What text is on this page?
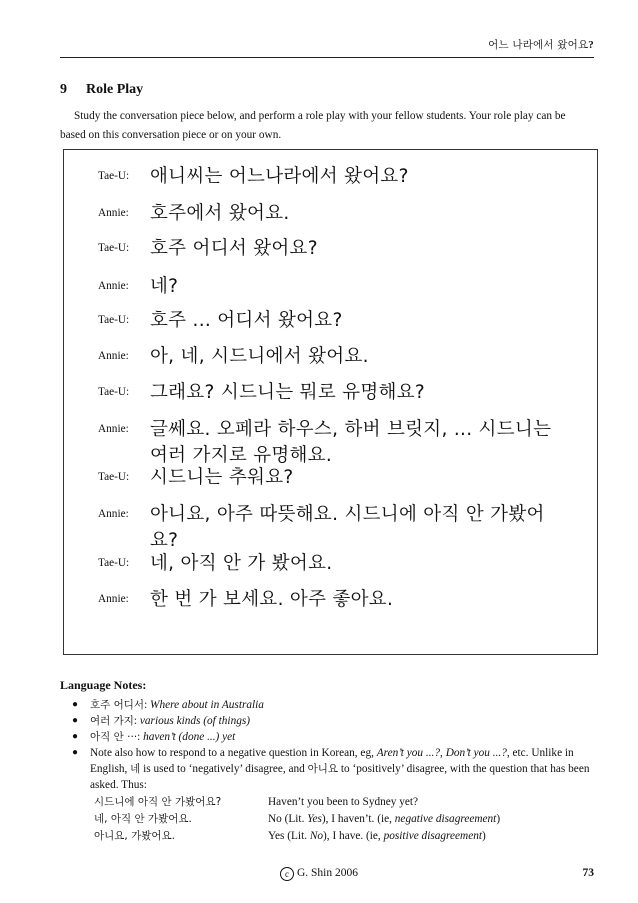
어느 나라에서 왔어요?
9 Role Play
Study the conversation piece below, and perform a role play with your fellow students. Your role play can be based on this conversation piece or on your own.
Tae-U: 애니씨는 어느나라에서 왔어요?
Annie: 호주에서 왔어요.
Tae-U: 호주 어디서 왔어요?
Annie: 네?
Tae-U: 호주 ... 어디서 왔어요?
Annie: 아, 네, 시드니에서 왔어요.
Tae-U: 그래요? 시드니는 뭐로 유명해요?
Annie: 글쎄요. 오페라 하우스, 하버 브릿지, ... 시드니는 여러 가지로 유명해요.
Tae-U: 시드니는 추워요?
Annie: 아니요, 아주 따뜻해요. 시드니에 아직 안 가봤어요?
Tae-U: 네, 아직 안 가 봤어요.
Annie: 한 번 가 보세요. 아주 좋아요.
Language Notes:
● 호주 어디서: Where about in Australia
● 여러 가지: various kinds (of things)
● 아직 안 ···: haven’t (done ...) yet
● Note also how to respond to a negative question in Korean, eg, Aren’t you ...?, Don’t you ...?, etc. Unlike in English, 네 is used to ‘negatively’ disagree, and 아니요 to ‘positively’ disagree, with the question that has been asked. Thus:
시드니에 아직 안 가봤어요?	Haven’t you been to Sydney yet?
네, 아직 안 가봤어요.	No (Lit. Yes), I haven’t. (ie, negative disagreement)
아니요, 가봤어요.	Yes (Lit. No), I have. (ie, positive disagreement)
c G. Shin 2006	73
